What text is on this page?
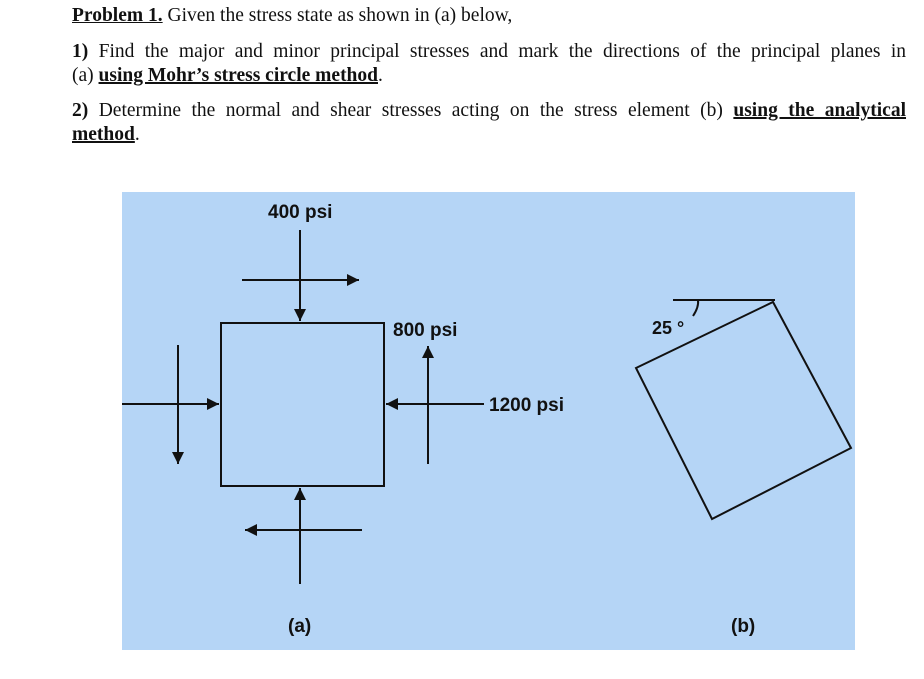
Problem 1. Given the stress state as shown in (a) below,

1) Find the major and minor principal stresses and mark the directions of the principal planes in
(a) using Mohr’s stress circle method.
2) Determine the normal and shear stresses acting on the stress element (b) using the analytical
method.
400 psi
800 psi
1200 psi
25 °
(a)	(b)
